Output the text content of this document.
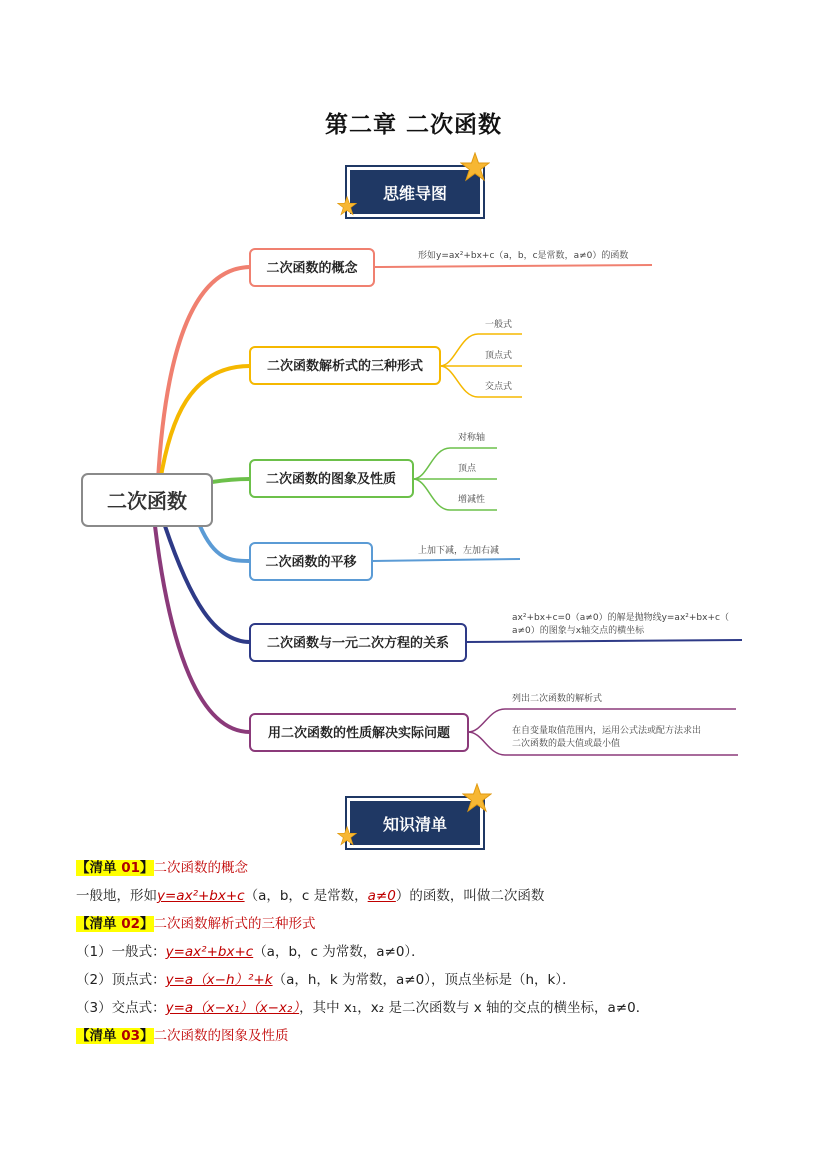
第二章 二次函数
思维导图
二次函数
二次函数的概念
形如y=ax²+bx+c（a，b，c是常数，a≠0）的函数
二次函数解析式的三种形式
一般式
顶点式
交点式
二次函数的图象及性质
对称轴
顶点
增减性
二次函数的平移
上加下减，左加右减
二次函数与一元二次方程的关系
ax²+bx+c=0（a≠0）的解是抛物线y=ax²+bx+c（
a≠0）的图象与x轴交点的横坐标
用二次函数的性质解决实际问题
列出二次函数的解析式
在自变量取值范围内，运用公式法或配方法求出
二次函数的最大值或最小值
知识清单
【清单 01】二次函数的概念
一般地，形如y=ax²+bx+c（a，b，c 是常数，a≠0）的函数，叫做二次函数
【清单 02】二次函数解析式的三种形式
（1）一般式：y=ax²+bx+c（a，b，c 为常数，a≠0）．
（2）顶点式：y=a（x−h）²+k（a，h，k 为常数，a≠0），顶点坐标是（h，k）．
（3）交点式：y=a（x−x₁）（x−x₂），其中 x₁，x₂ 是二次函数与 x 轴的交点的横坐标，a≠0．
【清单 03】二次函数的图象及性质
